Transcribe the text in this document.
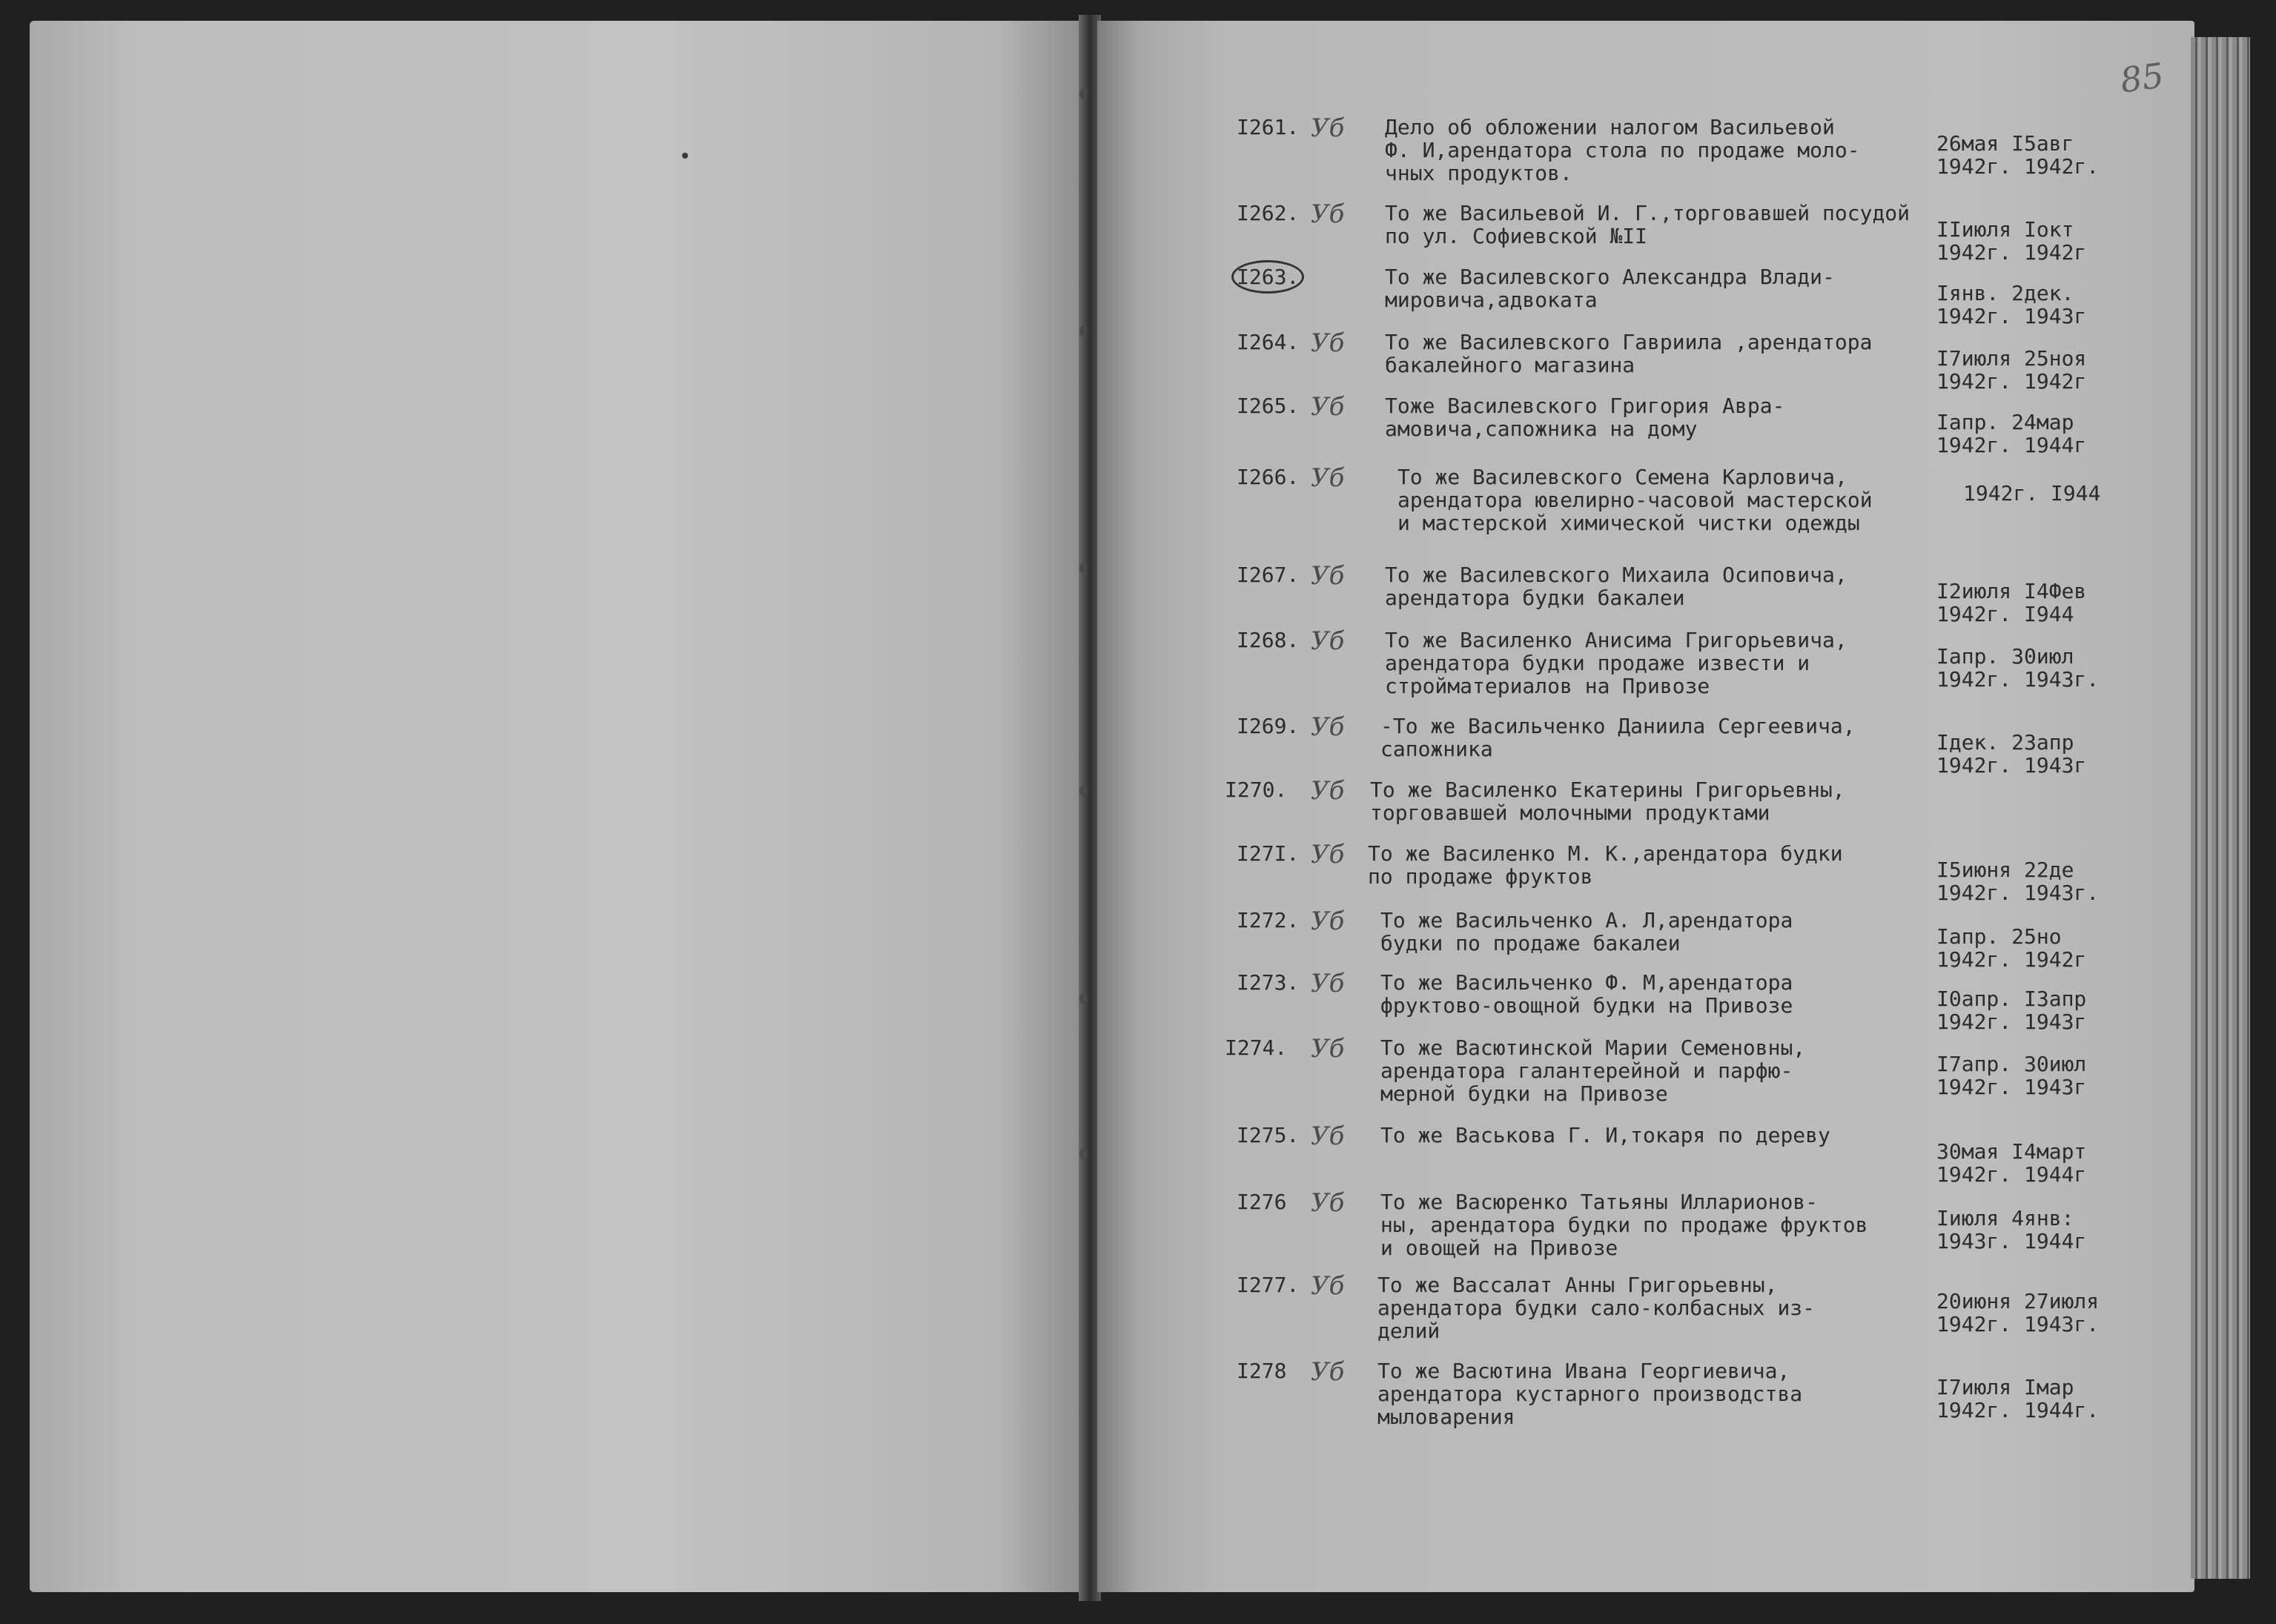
85
I261. Уб Дело об обложении налогом Васильевой
Ф. И,арендатора стола по продаже моло-
чных продуктов.
26мая I5авг
1942г. 1942г.
I262. Уб То же Васильевой И. Г.,торговавшей посудой
по ул. Софиевской №II	IIиюля Iокт
1942г. 1942г
I263.	То же Василевского Александра Влади-
мировича,адвоката	Iянв. 2дек.
1942г. 1943г
I264. Уб То же Василевского Гавриила ,арендатора
бакалейного магазина	I7июля 25ноя
1942г. 1942г
I265. Уб Тоже Василевского Григория Авра-
амовича,сапожника на дому	Iапр. 24мар
1942г. 1944г
I266. Уб	То же Василевского Семена Карловича,
арендатора ювелирно-часовой мастерской
и мастерской химической чистки одежды
1942г. I944
I267. Уб То же Василевского Михаила Осиповича,
арендатора будки бакалеи	I2июля I4Фев
1942г. I944
I268. Уб То же Василенко Анисима Григорьевича,
арендатора будки продаже извести и
стройматериалов на Привозе
Iапр. 30июл
1942г. 1943г.
I269. Уб -То же Васильченко Даниила Сергеевича,
сапожника	Iдек. 23апр
1942г. 1943г
I270. Уб То же Василенко Екатерины Григорьевны,
торговавшей молочными продуктами
I27I. Уб То же Василенко М. К.,арендатора будки
по продаже фруктов	I5июня 22де
1942г. 1943г.
I272. Уб То же Васильченко А. Л,арендатора
будки по продаже бакалеи	Iапр. 25но
1942г. 1942г
I273. Уб То же Васильченко Ф. М,арендатора
фруктово-овощной будки на Привозе	I0апр. I3апр
1942г. 1943г
I274. Уб То же Васютинской Марии Семеновны,
арендатора галантерейной и парфю-
мерной будки на Привозе
I7апр. 30июл
1942г. 1943г
I275. Уб То же Васькова Г. И,токаря по дереву
30мая I4март
1942г. 1944г
I276 Уб То же Васюренко Татьяны Илларионов-
ны, арендатора будки по продаже фруктов
и овощей на Привозе
Iиюля 4янв:
1943г. 1944г
I277. Уб То же Вассалат Анны Григорьевны,
арендатора будки сало-колбасных из-
делий
20июня 27июля
1942г. 1943г.
I278 Уб То же Васютина Ивана Георгиевича,
арендатора кустарного производства
мыловарения
I7июля Iмар
1942г. 1944г.
